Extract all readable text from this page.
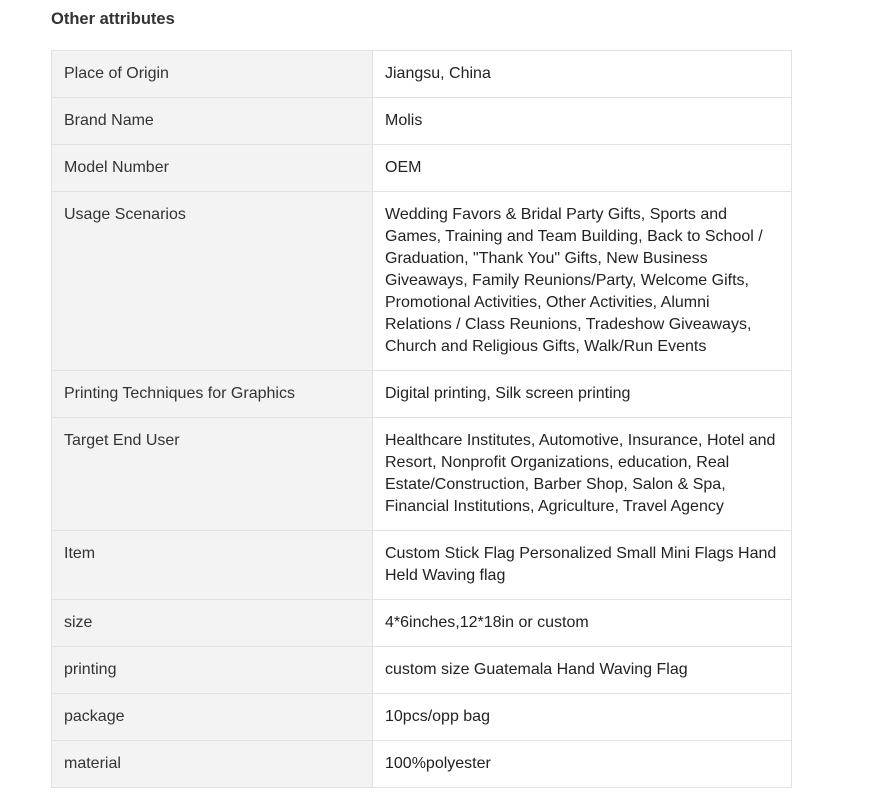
Other attributes
Place of Origin	Jiangsu, China
Brand Name	Molis
Model Number	OEM
Usage Scenarios	Wedding Favors & Bridal Party Gifts, Sports and Games, Training and Team Building, Back to School / Graduation, "Thank You" Gifts, New Business Giveaways, Family Reunions/Party, Welcome Gifts, Promotional Activities, Other Activities, Alumni Relations / Class Reunions, Tradeshow Giveaways, Church and Religious Gifts, Walk/Run Events
Printing Techniques for Graphics	Digital printing, Silk screen printing
Target End User	Healthcare Institutes, Automotive, Insurance, Hotel and Resort, Nonprofit Organizations, education, Real Estate/Construction, Barber Shop, Salon & Spa, Financial Institutions, Agriculture, Travel Agency
Item	Custom Stick Flag Personalized Small Mini Flags Hand Held Waving flag
size	4*6inches,12*18in or custom
printing	custom size Guatemala Hand Waving Flag
package	10pcs/opp bag
material	100%polyester
